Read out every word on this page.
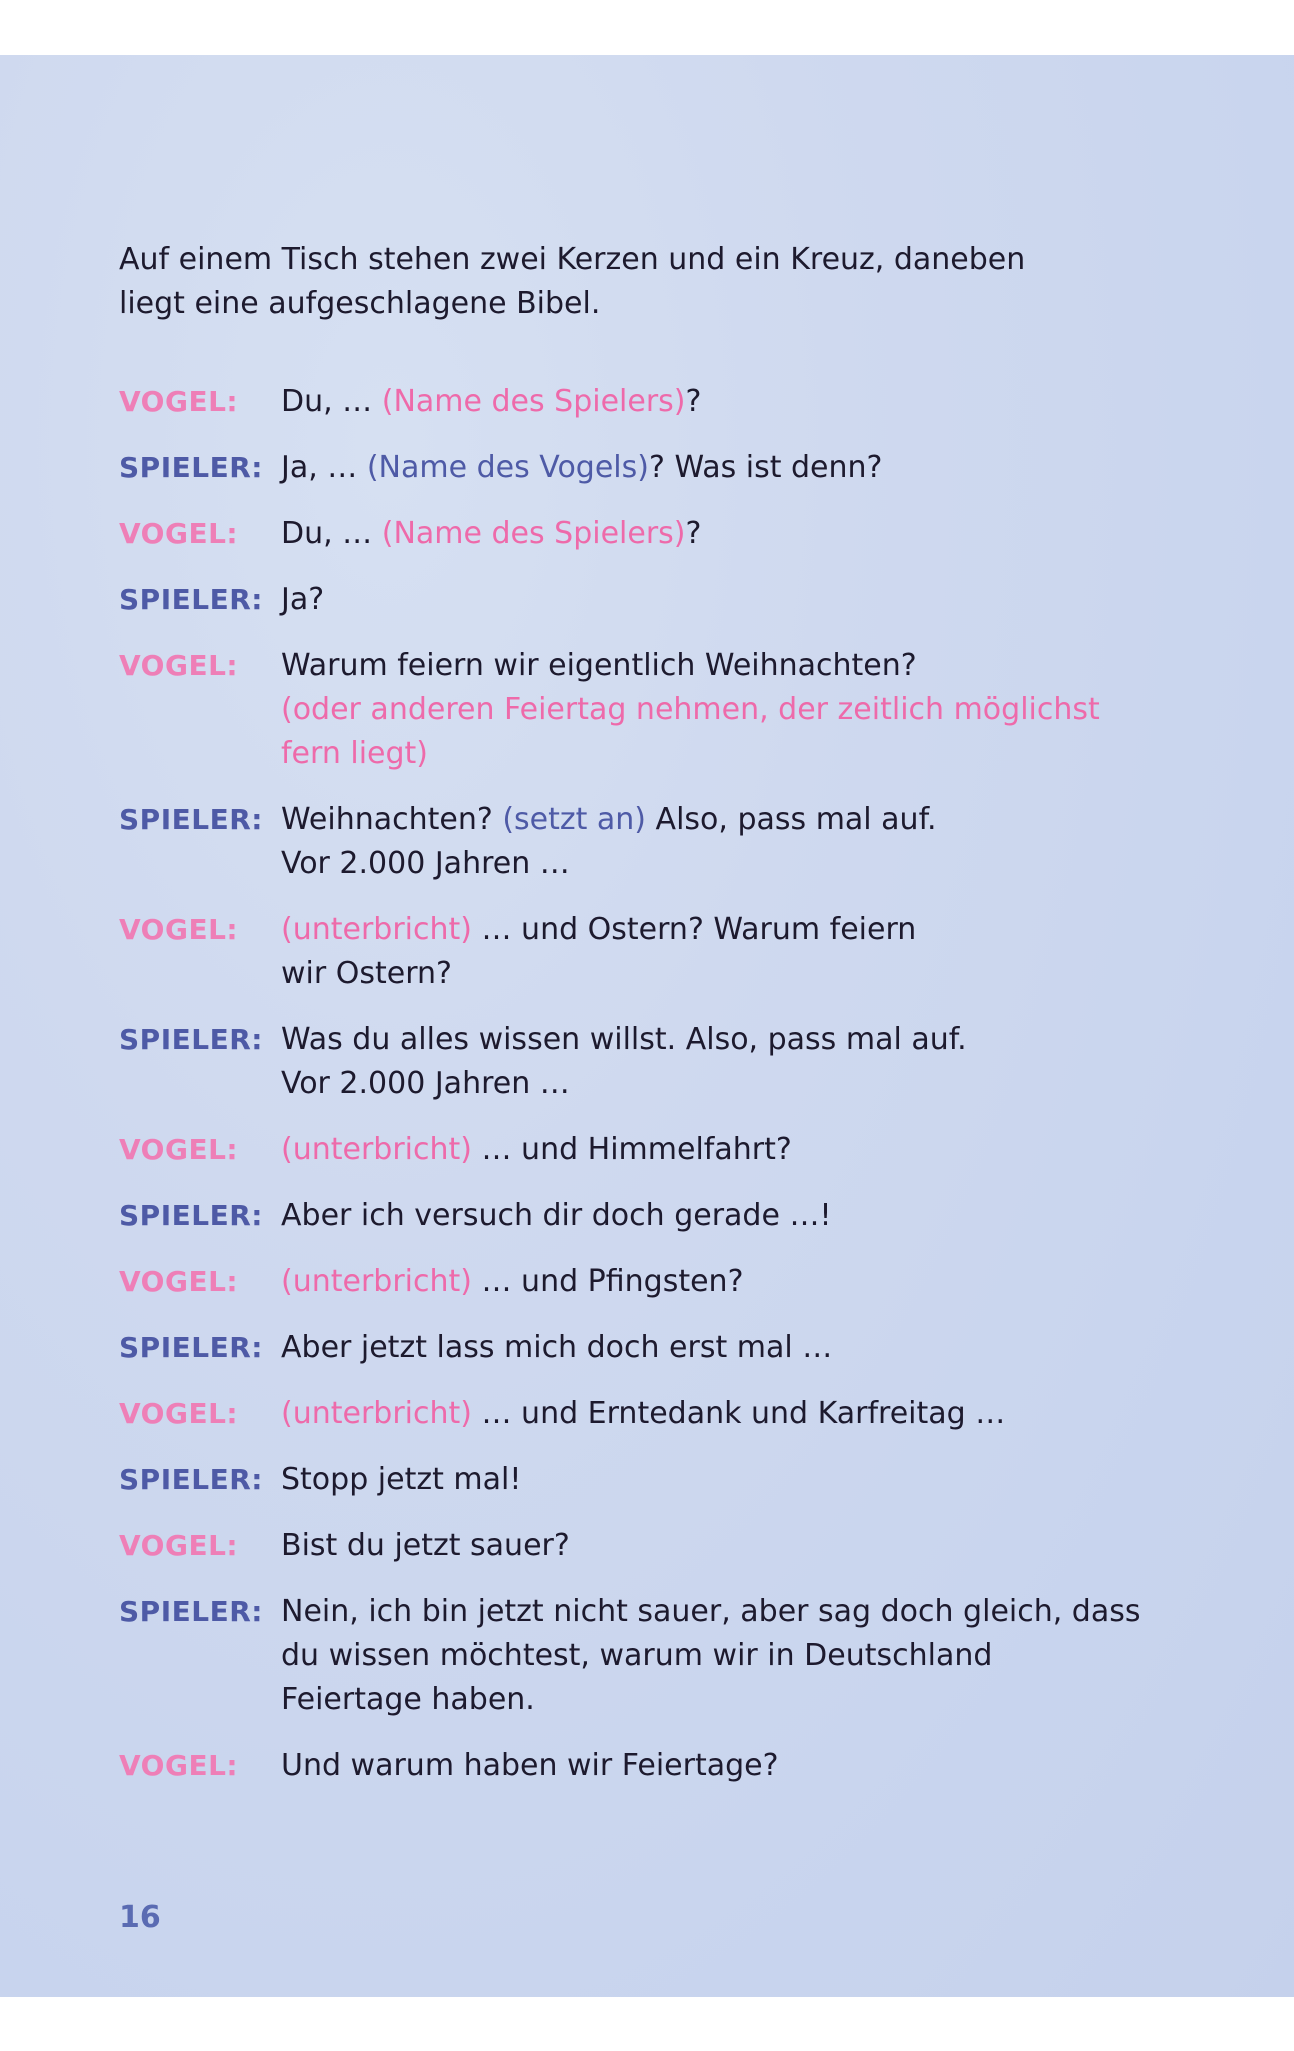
Auf einem Tisch stehen zwei Kerzen und ein Kreuz, daneben liegt eine aufgeschlagene Bibel.

VOGEL:	Du, … (Name des Spielers)?
SPIELER: Ja, … (Name des Vogels)? Was ist denn?
VOGEL:	Du, … (Name des Spielers)?
SPIELER: Ja?
VOGEL:	Warum feiern wir eigentlich Weihnachten?
(oder anderen Feiertag nehmen, der zeitlich möglichst fern liegt)
SPIELER: Weihnachten? (setzt an) Also, pass mal auf.
Vor 2.000 Jahren …
VOGEL:	(unterbricht) … und Ostern? Warum feiern
wir Ostern?
SPIELER: Was du alles wissen willst. Also, pass mal auf.
Vor 2.000 Jahren …
VOGEL:	(unterbricht) … und Himmelfahrt?
SPIELER: Aber ich versuch dir doch gerade …!
VOGEL:	(unterbricht) … und Pfingsten?
SPIELER: Aber jetzt lass mich doch erst mal …
VOGEL:	(unterbricht) … und Erntedank und Karfreitag …
SPIELER: Stopp jetzt mal!
VOGEL:	Bist du jetzt sauer?
SPIELER: Nein, ich bin jetzt nicht sauer, aber sag doch gleich, dass du wissen möchtest, warum wir in Deutschland Feiertage haben.
VOGEL:	Und warum haben wir Feiertage?
16
